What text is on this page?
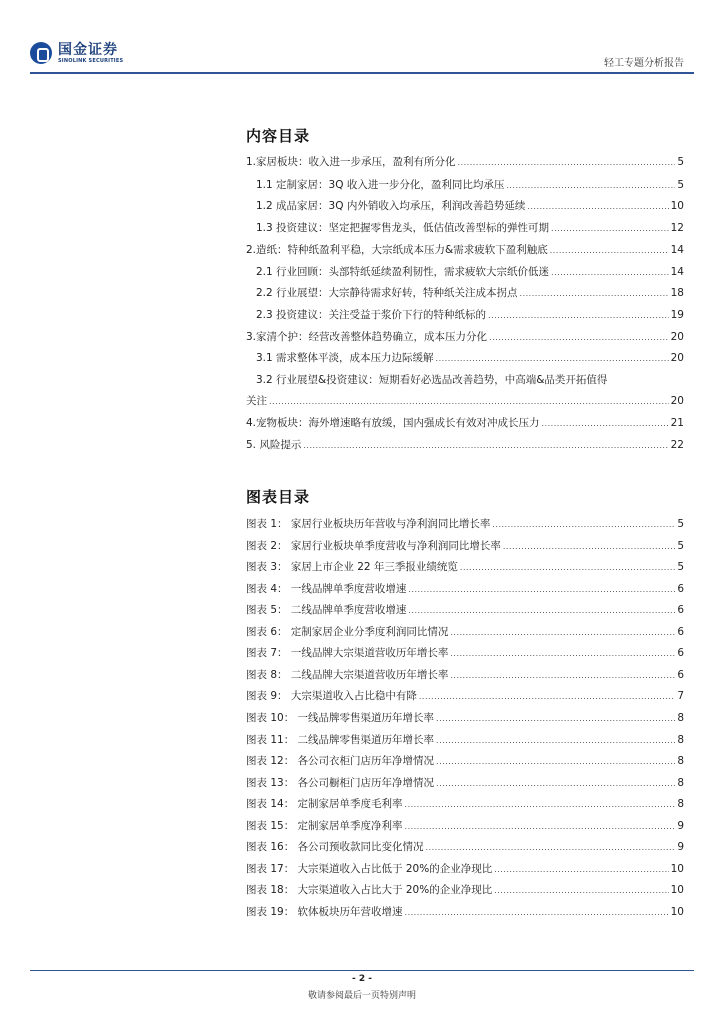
国金证券
SINOLINK SECURITIES	轻工专题分析报告
内容目录
1.家居板块：收入进一步承压，盈利有所分化 .....	5
1.1 定制家居：3Q 收入进一步分化，盈利同比均承压 .....	5
1.2 成品家居：3Q 内外销收入均承压，利润改善趋势延续 .....	10
1.3 投资建议：坚定把握零售龙头，低估值改善型标的弹性可期 .....	12
2.造纸：特种纸盈利平稳，大宗纸成本压力&需求疲软下盈利触底 .....	14
2.1 行业回顾：头部特纸延续盈利韧性，需求疲软大宗纸价低迷 .....	14
2.2 行业展望：大宗静待需求好转，特种纸关注成本拐点 .....	18
2.3 投资建议：关注受益于浆价下行的特种纸标的 .....	19
3.家清个护：经营改善整体趋势确立，成本压力分化 .....	20
3.1 需求整体平淡，成本压力边际缓解 .....	20
3.2 行业展望&投资建议：短期看好必选品改善趋势，中高端&品类开拓值得
关注 .....	20
4.宠物板块：海外增速略有放缓，国内强成长有效对冲成长压力 .....	21
5. 风险提示 .....	22
图表目录
图表 1： 家居行业板块历年营收与净利润同比增长率 .....	5
图表 2： 家居行业板块单季度营收与净利润同比增长率 .....	5
图表 3： 家居上市企业 22 年三季报业绩统览 .....	5
图表 4： 一线品牌单季度营收增速 .....	6
图表 5： 二线品牌单季度营收增速 .....	6
图表 6： 定制家居企业分季度利润同比情况 .....	6
图表 7： 一线品牌大宗渠道营收历年增长率 .....	6
图表 8： 二线品牌大宗渠道营收历年增长率 .....	6
图表 9： 大宗渠道收入占比稳中有降 .....	7
图表 10： 一线品牌零售渠道历年增长率 .....	8
图表 11： 二线品牌零售渠道历年增长率 .....	8
图表 12： 各公司衣柜门店历年净增情况 .....	8
图表 13： 各公司橱柜门店历年净增情况 .....	8
图表 14： 定制家居单季度毛利率 .....	8
图表 15： 定制家居单季度净利率 .....	9
图表 16： 各公司预收款同比变化情况 .....	9
图表 17： 大宗渠道收入占比低于 20%的企业净现比 .....	10
图表 18： 大宗渠道收入占比大于 20%的企业净现比 .....	10
图表 19： 软体板块历年营收增速 .....	10
- 2 -
敬请参阅最后一页特别声明
